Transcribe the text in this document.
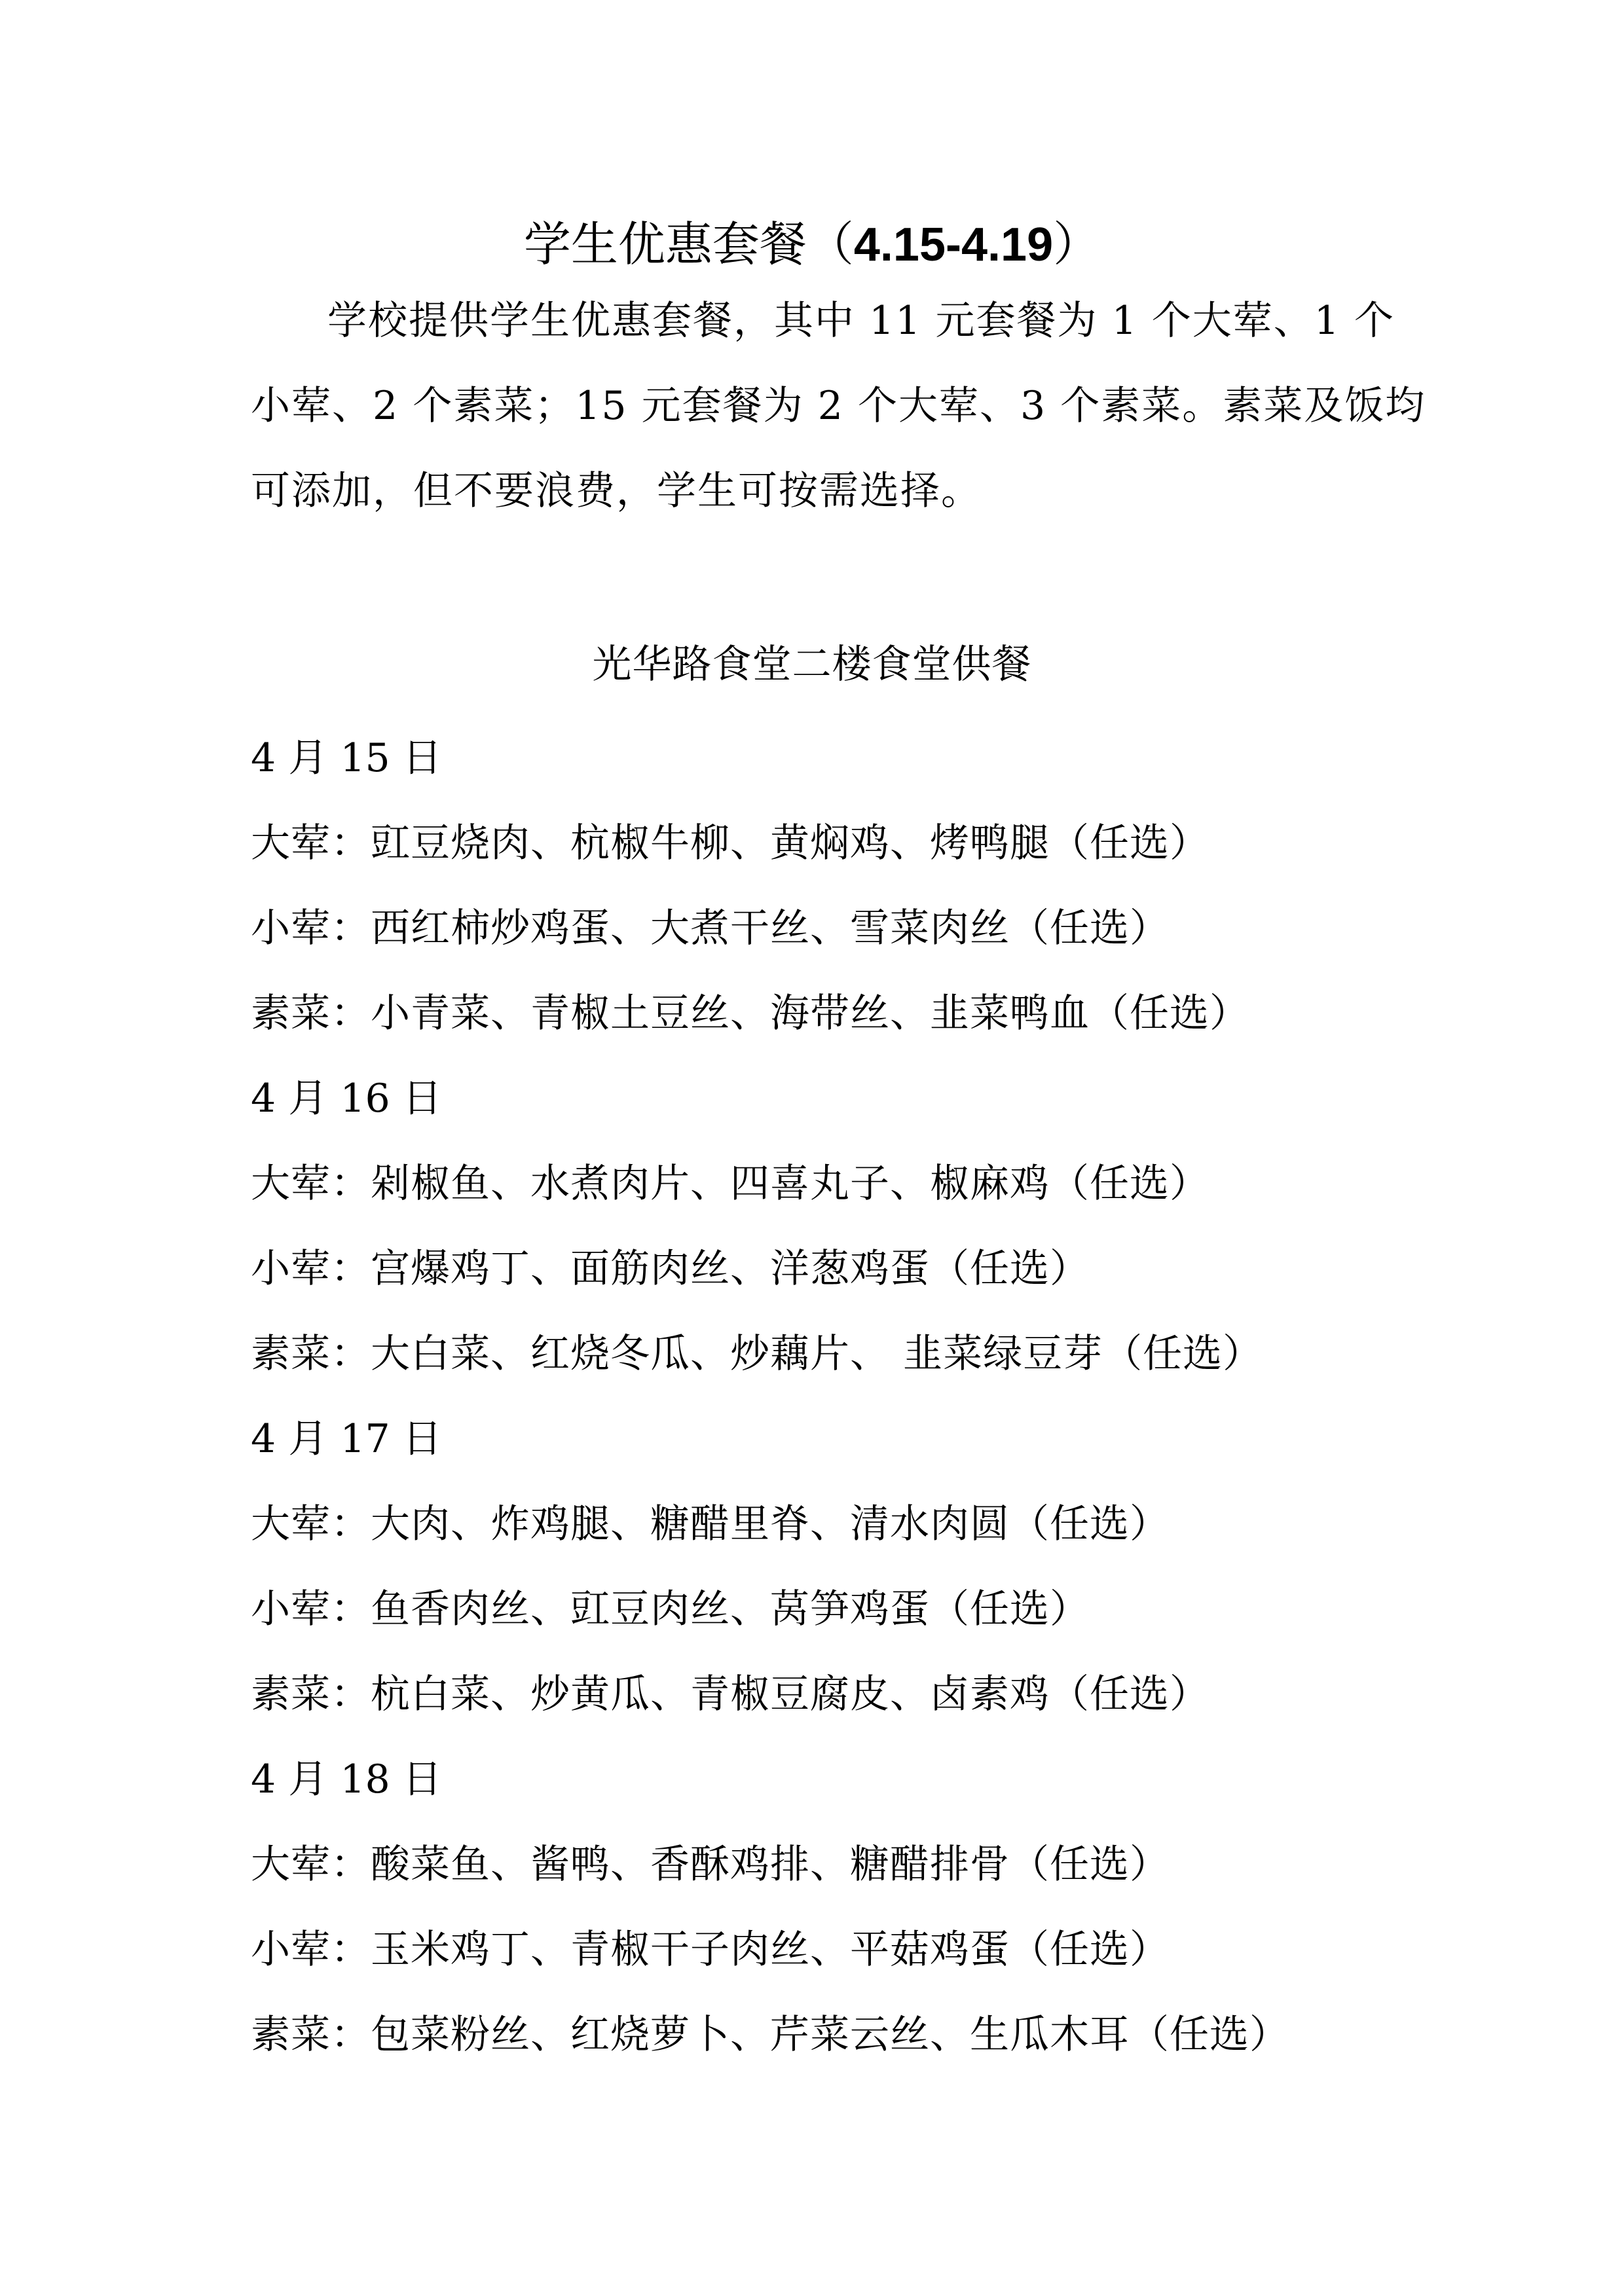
学生优惠套餐（4.15-4.19）
学校提供学生优惠套餐，其中 11 元套餐为 1 个大荤、1 个
小荤、2 个素菜；15 元套餐为 2 个大荤、3 个素菜。素菜及饭均
可添加，但不要浪费，学生可按需选择。
光华路食堂二楼食堂供餐
4 月 15 日
大荤：豇豆烧肉、杭椒牛柳、黄焖鸡、烤鸭腿（任选）
小荤：西红柿炒鸡蛋、大煮干丝、雪菜肉丝（任选）
素菜：小青菜、青椒土豆丝、海带丝、韭菜鸭血（任选）
4 月 16 日
大荤：剁椒鱼、水煮肉片、四喜丸子、椒麻鸡（任选）
小荤：宫爆鸡丁、面筋肉丝、洋葱鸡蛋（任选）
素菜：大白菜、红烧冬瓜、炒藕片、 韭菜绿豆芽（任选）
4 月 17 日
大荤：大肉、炸鸡腿、糖醋里脊、清水肉圆（任选）
小荤：鱼香肉丝、豇豆肉丝、莴笋鸡蛋（任选）
素菜：杭白菜、炒黄瓜、青椒豆腐皮、卤素鸡（任选）
4 月 18 日
大荤：酸菜鱼、酱鸭、香酥鸡排、糖醋排骨（任选）
小荤：玉米鸡丁、青椒干子肉丝、平菇鸡蛋（任选）
素菜：包菜粉丝、红烧萝卜、芹菜云丝、生瓜木耳（任选）
